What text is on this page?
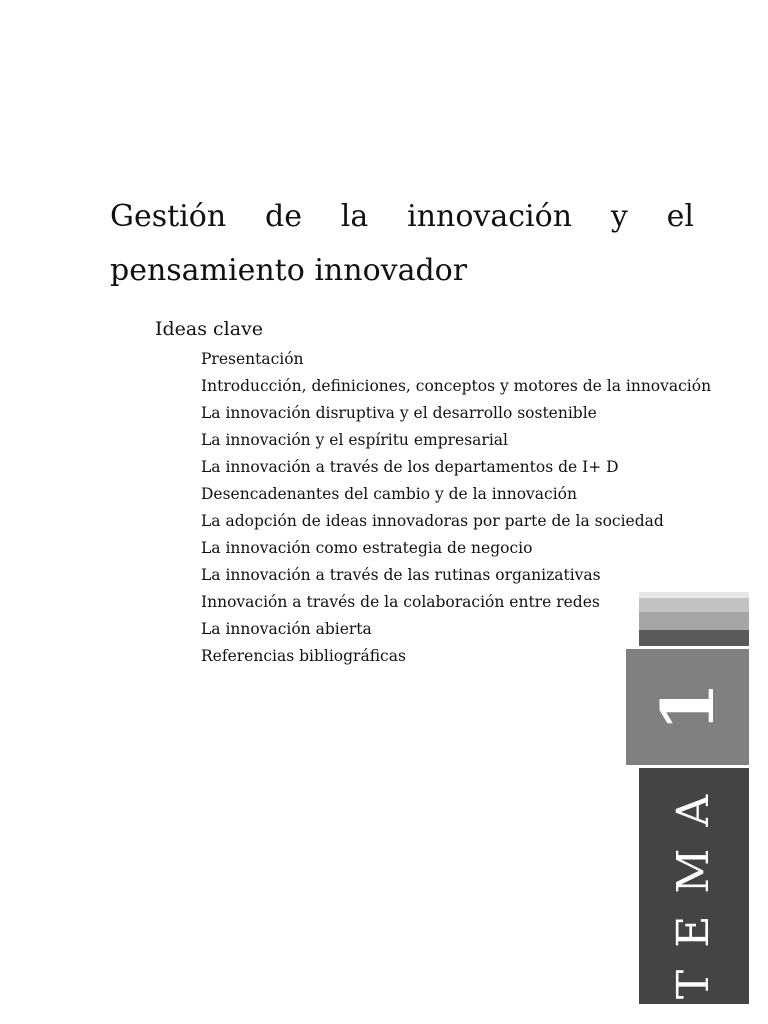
Gestión de la innovación y el pensamiento innovador
Ideas clave
Presentación
Introducción, definiciones, conceptos y motores de la innovación
La innovación disruptiva y el desarrollo sostenible
La innovación y el espíritu empresarial
La innovación a través de los departamentos de I+ D
Desencadenantes del cambio y de la innovación
La adopción de ideas innovadoras por parte de la sociedad
La innovación como estrategia de negocio
La innovación a través de las rutinas organizativas
Innovación a través de la colaboración entre redes
La innovación abierta
Referencias bibliográficas
1
TEMA
